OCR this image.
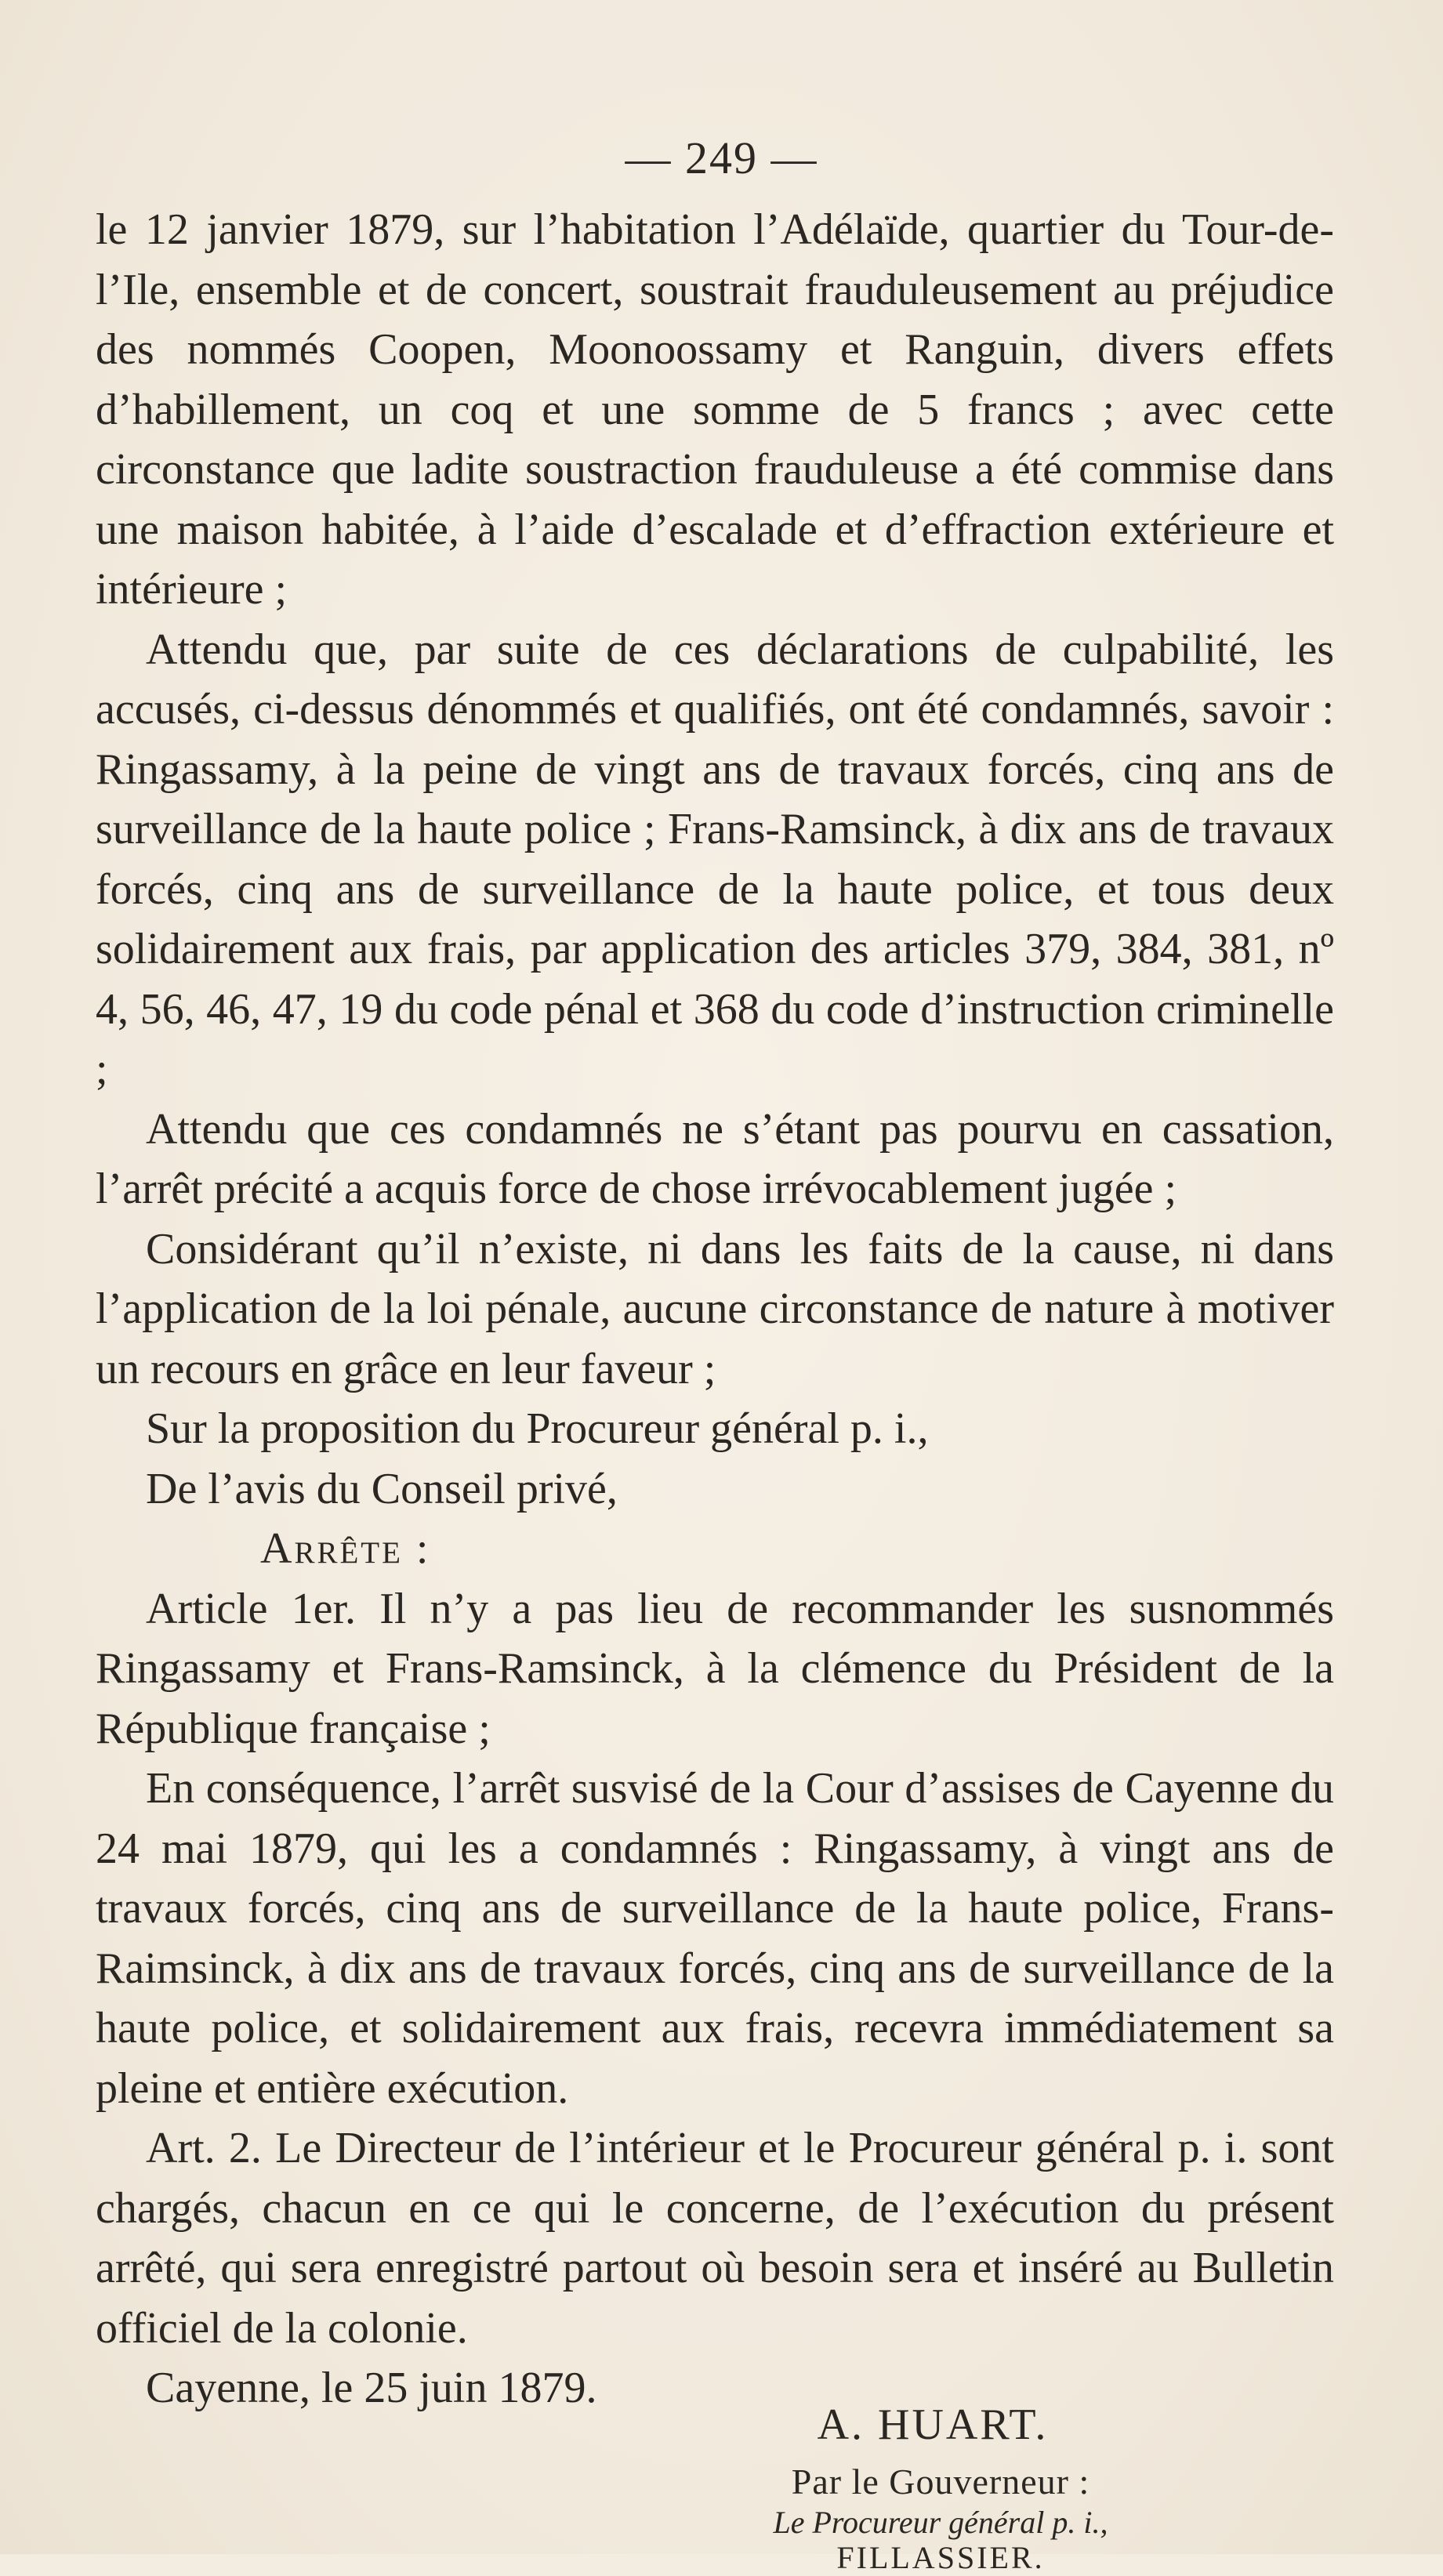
— 249 —

le 12 janvier 1879, sur l’habitation l’Adélaïde, quartier du Tour-de-l’Ile, ensemble et de concert, soustrait frauduleusement au préjudice des nommés Coopen, Moonoossamy et Ranguin, divers effets d’habillement, un coq et une somme de 5 francs ; avec cette circonstance que ladite soustraction frauduleuse a été commise dans une maison habitée, à l’aide d’escalade et d’effraction extérieure et intérieure ;

Attendu que, par suite de ces déclarations de culpabilité, les accusés, ci-dessus dénommés et qualifiés, ont été condamnés, savoir : Ringassamy, à la peine de vingt ans de travaux forcés, cinq ans de surveillance de la haute police ; Frans-Ramsinck, à dix ans de travaux forcés, cinq ans de surveillance de la haute police, et tous deux solidairement aux frais, par application des articles 379, 384, 381, nº 4, 56, 46, 47, 19 du code pénal et 368 du code d’instruction criminelle ;

Attendu que ces condamnés ne s’étant pas pourvu en cassation, l’arrêt précité a acquis force de chose irrévocablement jugée ;

Considérant qu’il n’existe, ni dans les faits de la cause, ni dans l’application de la loi pénale, aucune circonstance de nature à motiver un recours en grâce en leur faveur ;

Sur la proposition du Procureur général p. i.,

De l’avis du Conseil privé,

Arrête :

Article 1er. Il n’y a pas lieu de recommander les susnommés Ringassamy et Frans-Ramsinck, à la clémence du Président de la République française ;

En conséquence, l’arrêt susvisé de la Cour d’assises de Cayenne du 24 mai 1879, qui les a condamnés : Ringassamy, à vingt ans de travaux forcés, cinq ans de surveillance de la haute police, Frans-Raimsinck, à dix ans de travaux forcés, cinq ans de surveillance de la haute police, et solidairement aux frais, recevra immédiatement sa pleine et entière exécution.

Art. 2. Le Directeur de l’intérieur et le Procureur général p. i. sont chargés, chacun en ce qui le concerne, de l’exécution du présent arrêté, qui sera enregistré partout où besoin sera et inséré au Bulletin officiel de la colonie.

Cayenne, le 25 juin 1879.

A. HUART.
Par le Gouverneur :
Le Procureur général p. i.,
FILLASSIER.
